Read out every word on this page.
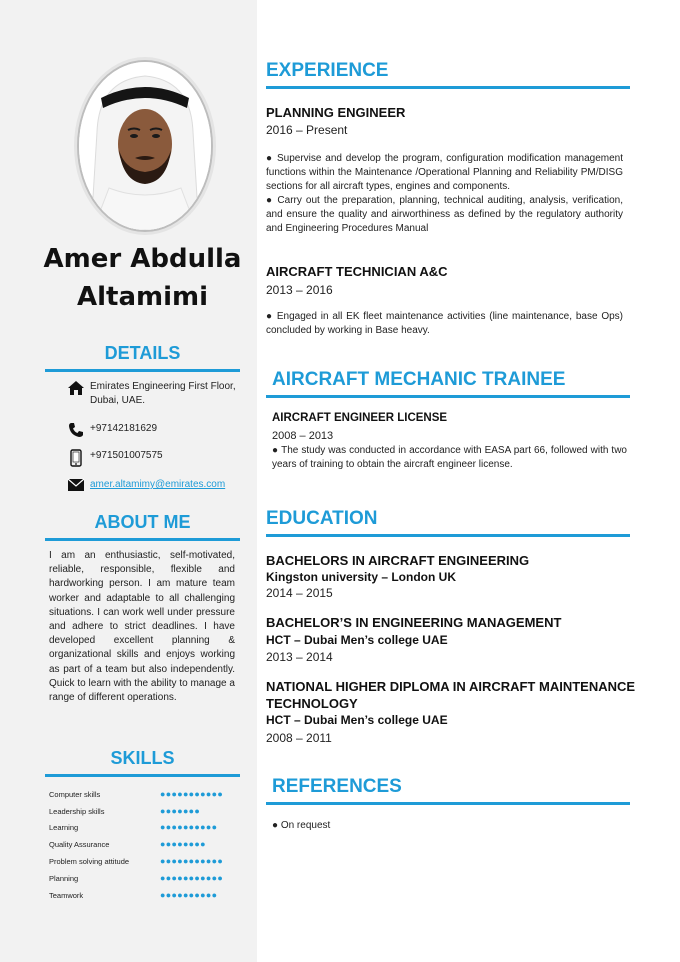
Amer Abdulla
Altamimi
DETAILS
Emirates Engineering First Floor, Dubai, UAE.
+97142181629
+971501007575
amer.altamimy@emirates.com
ABOUT ME
I am an enthusiastic, self-motivated, reliable, responsible, flexible and hardworking person. I am mature team worker and adaptable to all challenging situations. I can work well under pressure and adhere to strict deadlines. I have developed excellent planning & organizational skills and enjoys working as part of a team but also independently. Quick to learn with the ability to manage a range of different operations.
SKILLS
Computer skills	●●●●●●●●●●●
Leadership skills	●●●●●●●
Learning	●●●●●●●●●●
Quality Assurance	●●●●●●●●
Problem solving attitude	●●●●●●●●●●●
Planning	●●●●●●●●●●●
Teamwork	●●●●●●●●●●
EXPERIENCE
PLANNING ENGINEER
2016 – Present
● Supervise and develop the program, configuration modification management functions within the Maintenance /Operational Planning and Reliability PM/DISG sections for all aircraft types, engines and components.
● Carry out the preparation, planning, technical auditing, analysis, verification, and ensure the quality and airworthiness as defined by the regulatory authority and Engineering Procedures Manual
AIRCRAFT TECHNICIAN A&C
2013 – 2016
● Engaged in all EK fleet maintenance activities (line maintenance, base Ops) concluded by working in Base heavy.
AIRCRAFT MECHANIC TRAINEE
AIRCRAFT ENGINEER LICENSE
2008 – 2013
● The study was conducted in accordance with EASA part 66, followed with two years of training to obtain the aircraft engineer license.
EDUCATION
BACHELORS IN AIRCRAFT ENGINEERING
Kingston university – London UK
2014 – 2015
BACHELOR’S IN ENGINEERING MANAGEMENT
HCT – Dubai Men’s college UAE
2013 – 2014
NATIONAL HIGHER DIPLOMA IN AIRCRAFT MAINTENANCE TECHNOLOGY
HCT – Dubai Men’s college UAE
2008 – 2011
REFERENCES
● On request
